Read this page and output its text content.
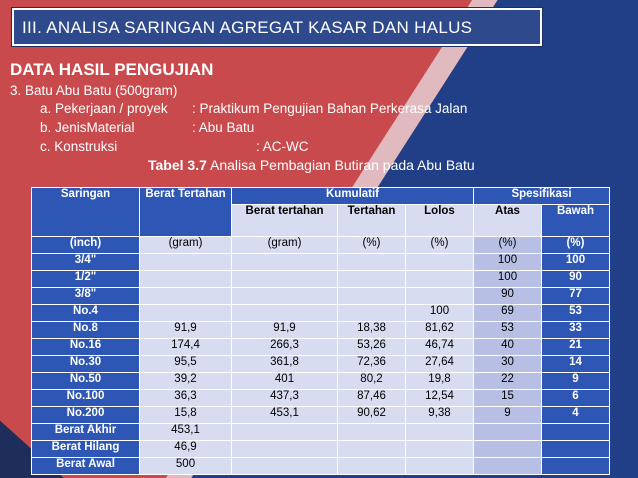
III. ANALISA SARINGAN AGREGAT KASAR DAN HALUS
DATA HASIL PENGUJIAN
3. Batu Abu Batu (500gram)
a. Pekerjaan / proyek : Praktikum Pengujian Bahan Perkerasa Jalan
b. JenisMaterial	: Abu Batu
c. Konstruksi	: AC-WC
Tabel 3.7 Analisa Pembagian Butiran pada Abu Batu
Saringan	Berat Tertahan	Kumulatif			Spesifikasi	
		Berat tertahan	Tertahan	Lolos	Atas	Bawah
(inch)	(gram)	(gram)	(%)	(%)	(%)	(%)
3/4"					100	100
1/2"					100	90
3/8"					90	77
No.4				100	69	53
No.8	91,9	91,9	18,38	81,62	53	33
No.16	174,4	266,3	53,26	46,74	40	21
No.30	95,5	361,8	72,36	27,64	30	14
No.50	39,2	401	80,2	19,8	22	9
No.100	36,3	437,3	87,46	12,54	15	6
No.200	15,8	453,1	90,62	9,38	9	4
Berat Akhir	453,1					
Berat Hilang	46,9					
Berat Awal	500					
